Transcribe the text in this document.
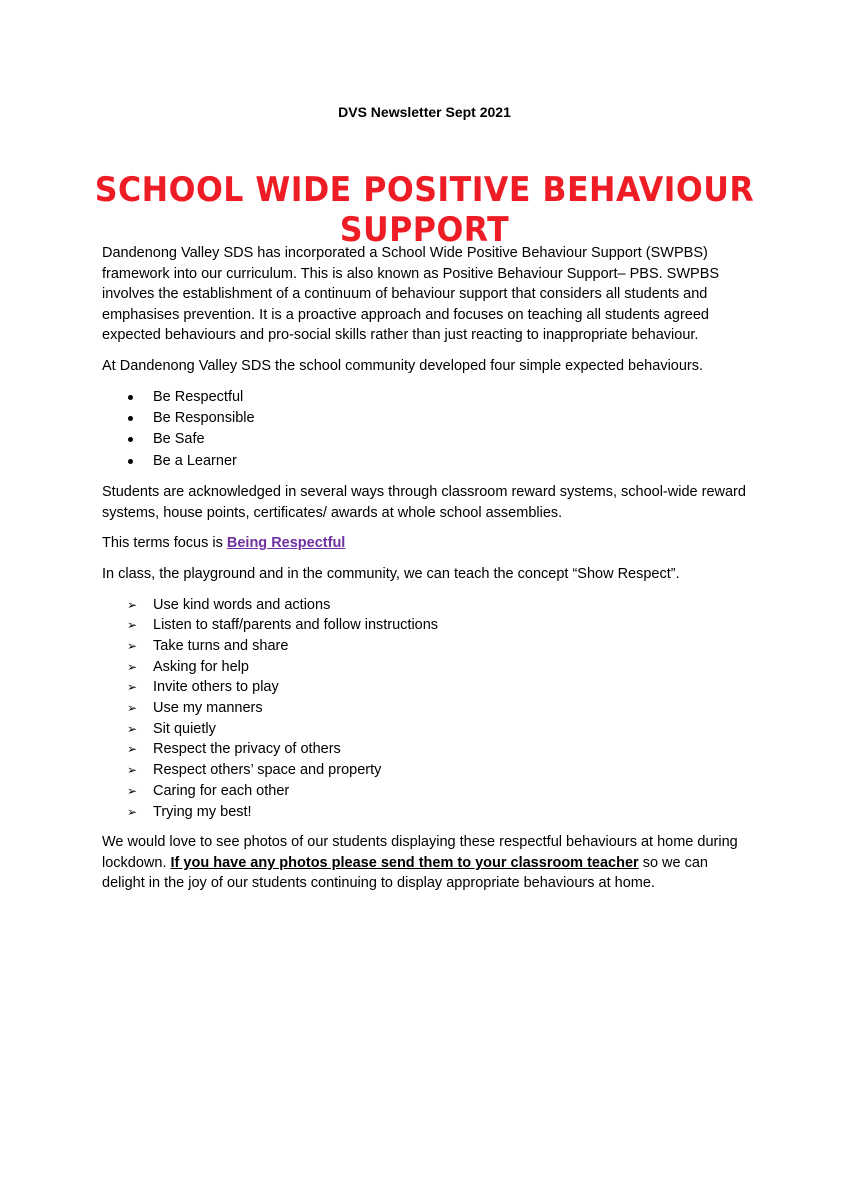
DVS Newsletter Sept 2021
SCHOOL WIDE POSITIVE BEHAVIOUR SUPPORT

Dandenong Valley SDS has incorporated a School Wide Positive Behaviour Support (SWPBS) framework into our curriculum. This is also known as Positive Behaviour Support– PBS. SWPBS involves the establishment of a continuum of behaviour support that considers all students and emphasises prevention. It is a proactive approach and focuses on teaching all students agreed expected behaviours and pro-social skills rather than just reacting to inappropriate behaviour.

At Dandenong Valley SDS the school community developed four simple expected behaviours.

Be Respectful
Be Responsible
Be Safe
Be a Learner

Students are acknowledged in several ways through classroom reward systems, school-wide reward systems, house points, certificates/ awards at whole school assemblies.

This terms focus is Being Respectful

In class, the playground and in the community, we can teach the concept “Show Respect”.

➢ Use kind words and actions
➢ Listen to staff/parents and follow instructions
➢ Take turns and share
➢ Asking for help
➢ Invite others to play
➢ Use my manners
➢ Sit quietly
➢ Respect the privacy of others
➢ Respect others’ space and property
➢ Caring for each other
➢ Trying my best!

We would love to see photos of our students displaying these respectful behaviours at home during lockdown. If you have any photos please send them to your classroom teacher so we can delight in the joy of our students continuing to display appropriate behaviours at home.
